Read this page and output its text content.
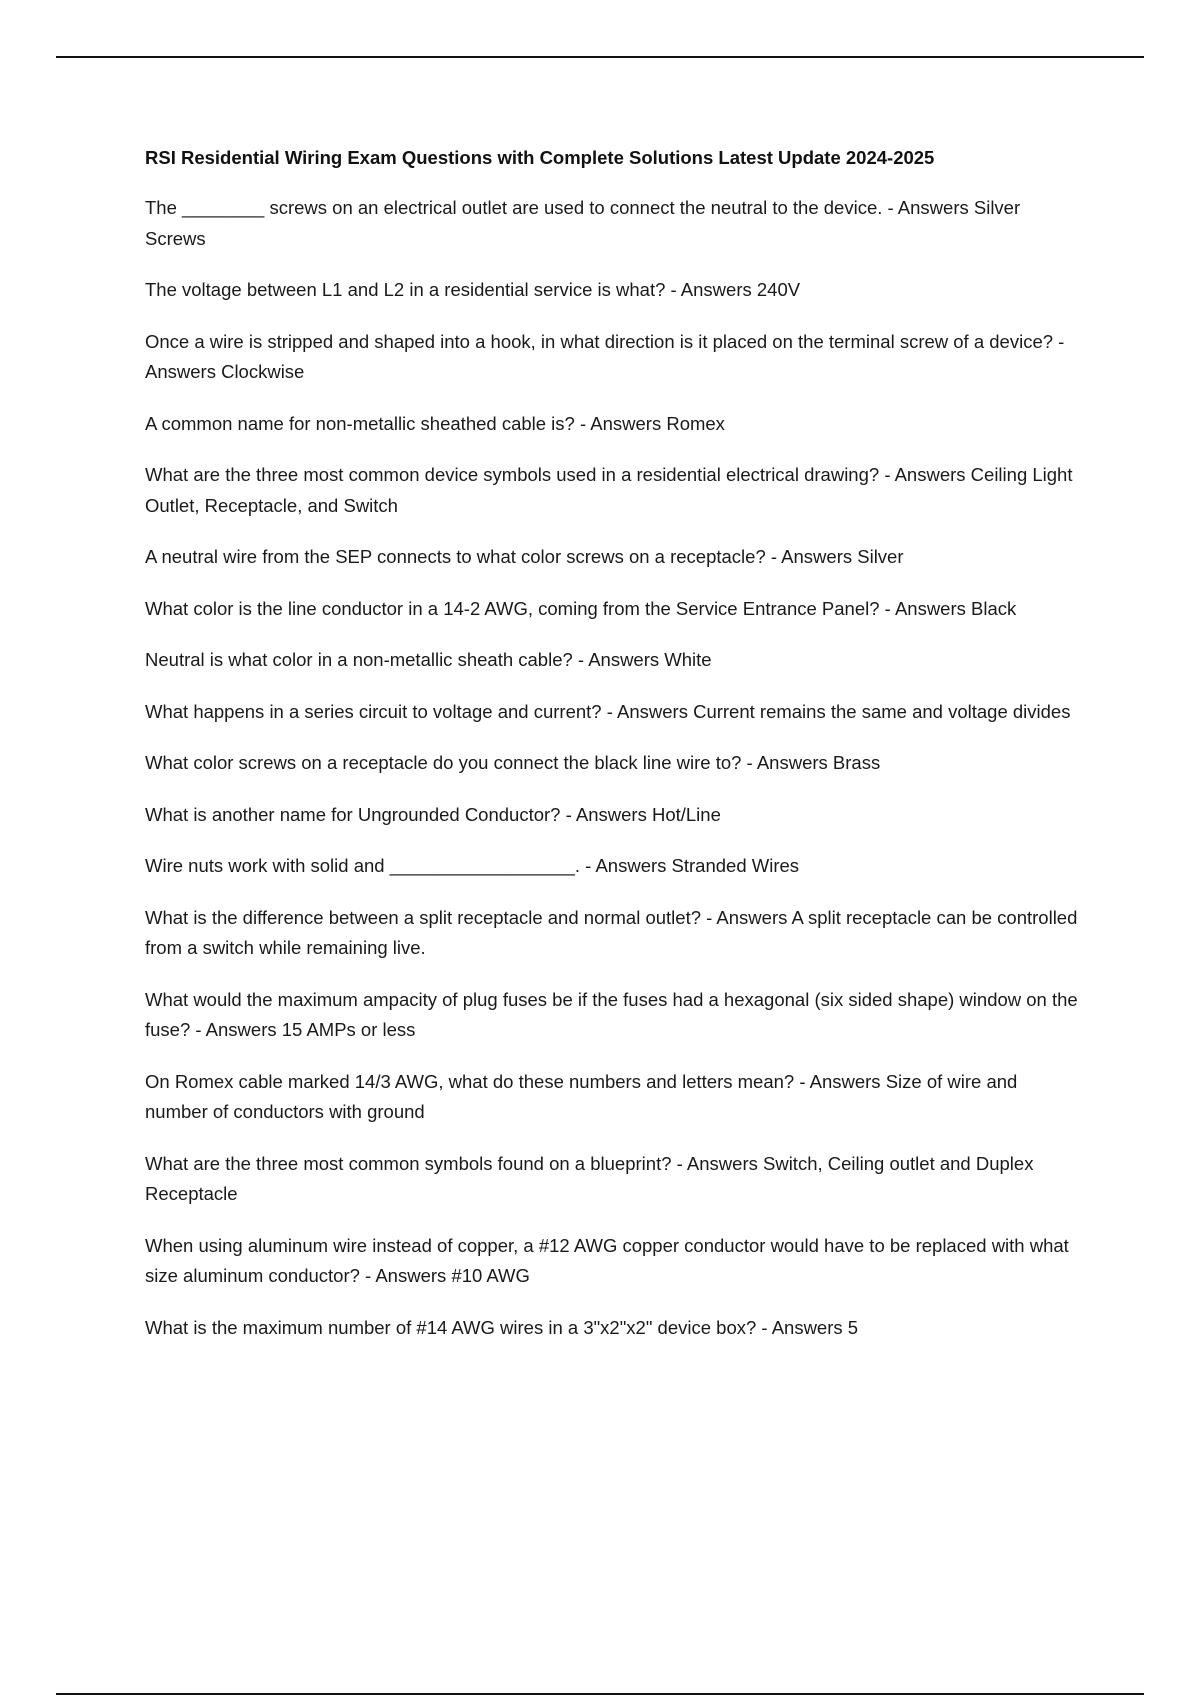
RSI Residential Wiring Exam Questions with Complete Solutions Latest Update 2024-2025
The ________ screws on an electrical outlet are used to connect the neutral to the device. - Answers Silver Screws
The voltage between L1 and L2 in a residential service is what? - Answers 240V
Once a wire is stripped and shaped into a hook, in what direction is it placed on the terminal screw of a device? - Answers Clockwise
A common name for non-metallic sheathed cable is? - Answers Romex
What are the three most common device symbols used in a residential electrical drawing? - Answers Ceiling Light Outlet, Receptacle, and Switch
A neutral wire from the SEP connects to what color screws on a receptacle? - Answers Silver
What color is the line conductor in a 14-2 AWG, coming from the Service Entrance Panel? - Answers Black
Neutral is what color in a non-metallic sheath cable? - Answers White
What happens in a series circuit to voltage and current? - Answers Current remains the same and voltage divides
What color screws on a receptacle do you connect the black line wire to? - Answers Brass
What is another name for Ungrounded Conductor? - Answers Hot/Line
Wire nuts work with solid and __________________. - Answers Stranded Wires
What is the difference between a split receptacle and normal outlet? - Answers A split receptacle can be controlled from a switch while remaining live.
What would the maximum ampacity of plug fuses be if the fuses had a hexagonal (six sided shape) window on the fuse? - Answers 15 AMPs or less
On Romex cable marked 14/3 AWG, what do these numbers and letters mean? - Answers Size of wire and number of conductors with ground
What are the three most common symbols found on a blueprint? - Answers Switch, Ceiling outlet and Duplex Receptacle
When using aluminum wire instead of copper, a #12 AWG copper conductor would have to be replaced with what size aluminum conductor? - Answers #10 AWG
What is the maximum number of #14 AWG wires in a 3"x2"x2" device box? - Answers 5
